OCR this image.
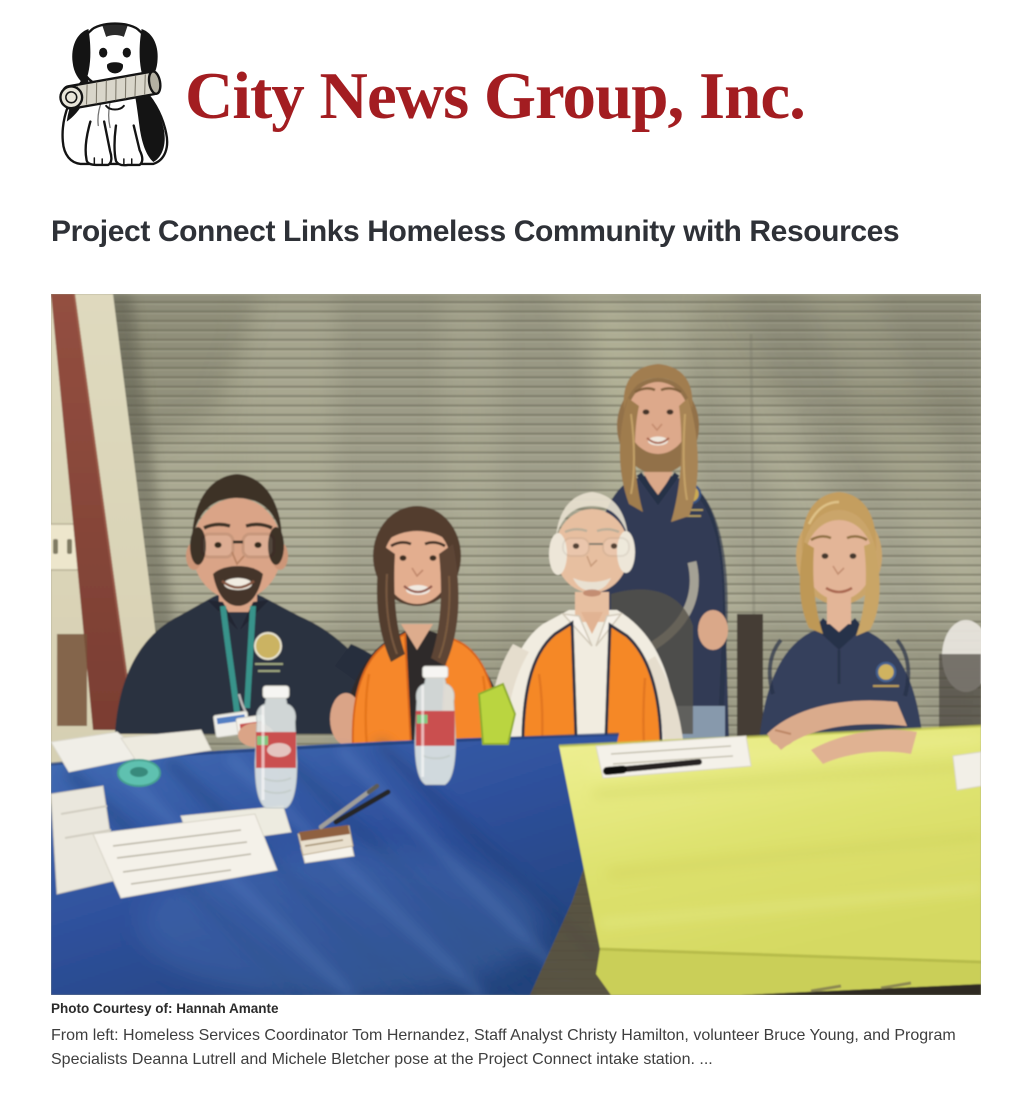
City News Group, Inc.
Project Connect Links Homeless Community with Resources
Photo Courtesy of: Hannah Amante

From left: Homeless Services Coordinator Tom Hernandez, Staff Analyst Christy Hamilton, volunteer Bruce Young, and Program Specialists Deanna Lutrell and Michele Bletcher pose at the Project Connect intake station. ...
